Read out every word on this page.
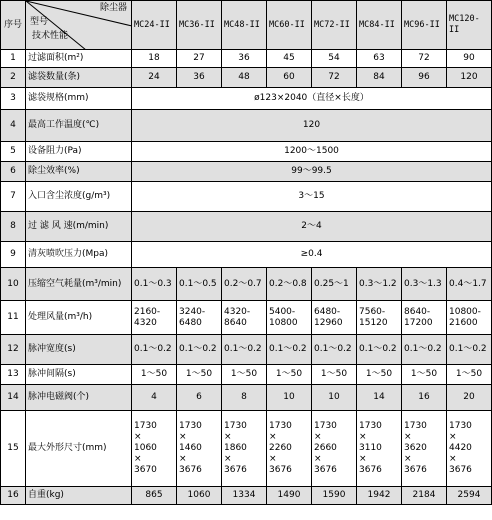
序号	除尘器
型号
技术性能	MC24-II	MC36-II	MC48-II	MC60-II	MC72-II	MC84-II	MC96-II	MC120-II
1	过滤面积(m²)	18	27	36	45	54	63	72	90
2	滤袋数量(条)	24	36	48	60	72	84	96	120
3	滤袋规格(mm)	ø123×2040（直径×长度）							
4	最高工作温度(℃)	120							
5	设备阻力(Pa)	1200～1500							
6	除尘效率(%)	99～99.5							
7	入口含尘浓度(g/m³)	3～15							
8	过 滤 风 速(m/min)	2～4							
9	清灰喷吹压力(Mpa)	≥0.4							
10	压缩空气耗量(m³/min)	0.1～0.3	0.1～0.5	0.2～0.7	0.2～0.8	0.25～1	0.3～1.2	0.3～1.3	0.4～1.7
11	处理风量(m³/h)	2160-4320	3240-6480	4320-8640	5400-10800	6480-12960	7560-15120	8640-17200	10800-21600
12	脉冲宽度(s)	0.1～0.2	0.1～0.2	0.1～0.2	0.1～0.2	0.1～0.2	0.1～0.2	0.1～0.2	0.1～0.2
13	脉冲间隔(s)	1～50	1～50	1～50	1～50	1～50	1～50	1～50	1～50
14	脉冲电磁阀(个)	4	6	8	10	10	14	16	20
15	最大外形尺寸(mm)	1730
×
1060
×
3670	1730
×
1460
×
3676	1730
×
1860
×
3676	1730
×
2260
×
3676	1730
×
2660
×
3676	1730
×
3110
×
3676	1730
×
3620
×
3676	1730
×
4420
×
3676

16	自重(kg)	865	1060	1334	1490	1590	1942	2184	2594
